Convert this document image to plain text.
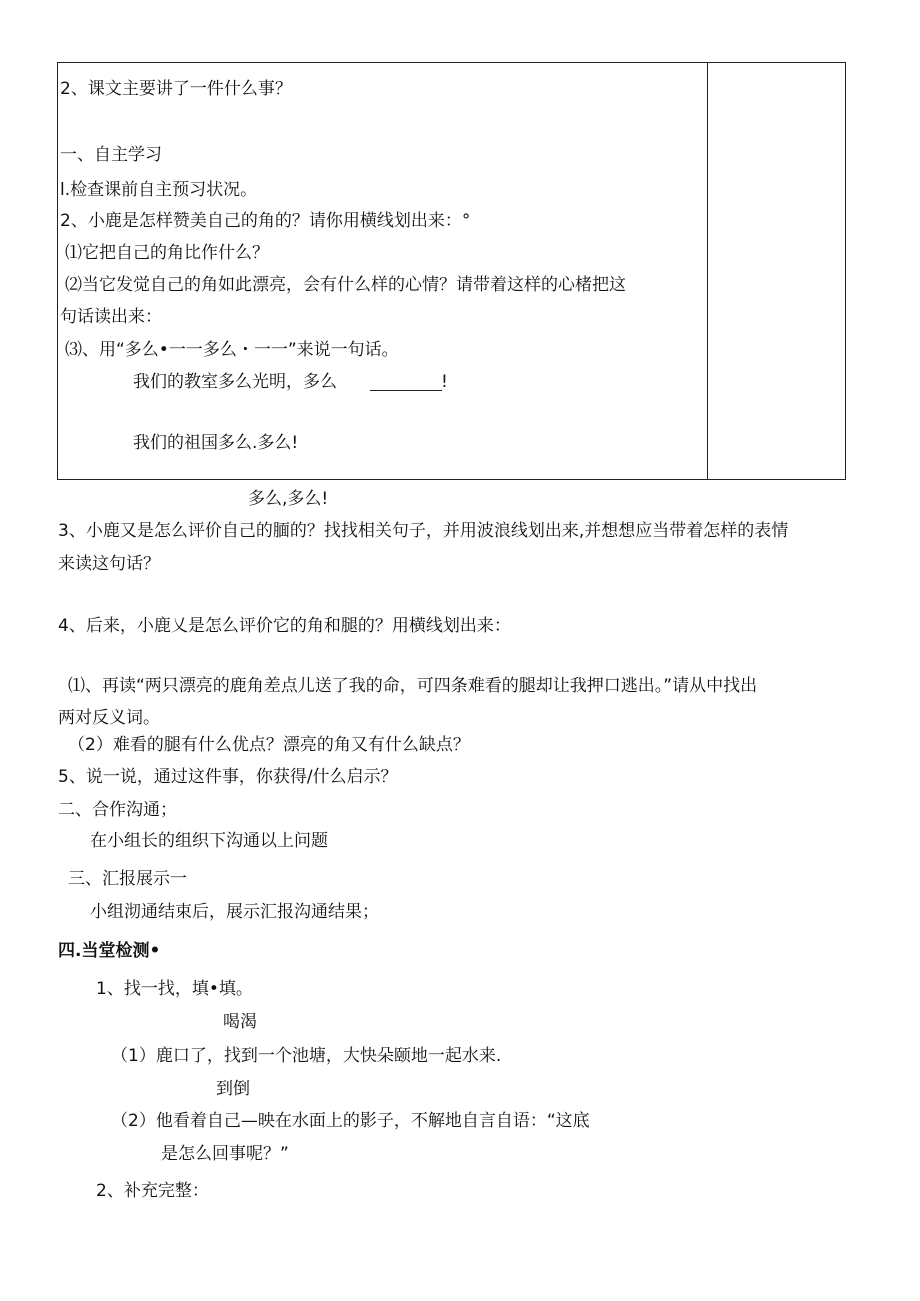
2、课文主要讲了一件什么事？
一、自主学习
l.检查课前自主预习状况。
2、小鹿是怎样赞美自己的角的？请你用横线划出来：°
⑴它把自己的角比作什么？
⑵当它发觉自己的角如此漂亮，会有什么样的心情？请带着这样的心楮把这
句话读出来：
⑶、用“多么•一一多么・一一”来说一句话。
我们的教室多么光明，多么	!
我们的祖国多么.多么!
多么,多么!
3、小鹿又是怎么评价自己的腼的？找找相关句子，并用波浪线划出来,并想想应当带着怎样的表情
来读这句话？
4、后来，小鹿乂是怎么评价它的角和腿的？用横线划出来：
⑴、再读“两只漂亮的鹿角差点儿送了我的命，可四条难看的腿却让我押口逃出。”请从中找出
两对反义词。
（2）难看的腿有什么优点？漂亮的角又有什么缺点？
5、说一说，通过这件事，你获得/什么启示？
二、合作沟通；
在小组长的组织下沟通以上问题
三、汇报展示一
小组沏通结束后，展示汇报沟通结果；
四.当堂检测•
1、找一找，填•填。
喝渴
（1）鹿口了，找到一个池塘，大快朵颐地一起水来.
到倒
（2）他看着自己—映在水面上的影子，不解地自言自语：“这底
是怎么回事呢？”
2、补充完整：
